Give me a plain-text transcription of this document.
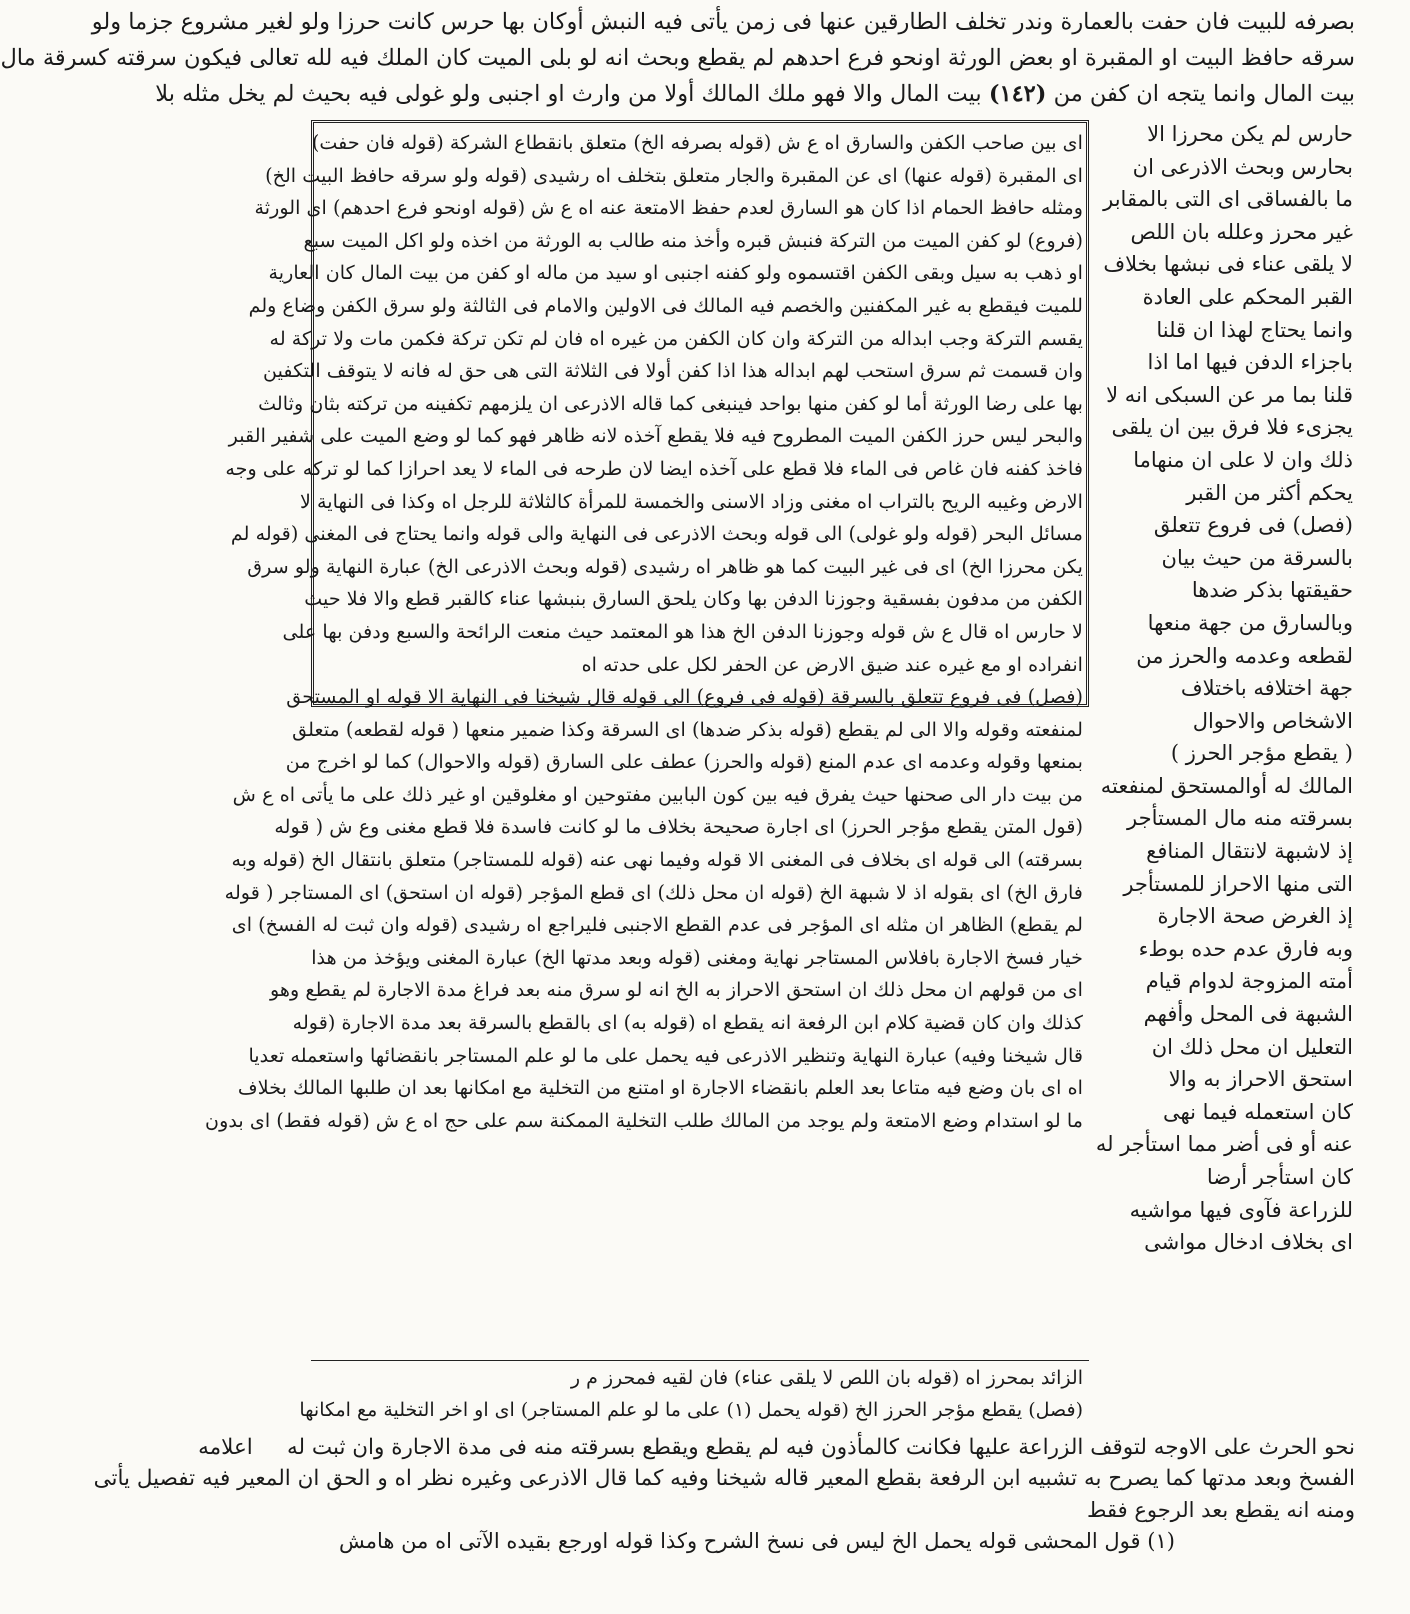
بصرفه للبيت فان حفت بالعمارة وندر تخلف الطارقين عنها فى زمن يأتى فيه النبش أوكان بها حرس كانت حرزا ولو لغير مشروع جزما ولو
سرقه حافظ البيت او المقبرة او بعض الورثة اونحو فرع احدهم لم يقطع وبحث انه لو بلى الميت كان الملك فيه لله تعالى فيكون سرقته كسرقة مال
بيت المال وانما يتجه ان كفن من (١٤٢) بيت المال والا فهو ملك المالك أولا من وارث او اجنبى ولو غولى فيه بحيث لم يخل مثله بلا
حارس لم يكن محرزا الا
بحارس وبحث الاذرعى ان
ما بالفساقى اى التى بالمقابر
غير محرز وعلله بان اللص
لا يلقى عناء فى نبشها بخلاف
القبر المحكم على العادة
وانما يحتاج لهذا ان قلنا
باجزاء الدفن فيها اما اذا
قلنا بما مر عن السبكى انه لا
يجزىء فلا فرق بين ان يلقى
ذلك وان لا على ان منهاما
يحكم أكثر من القبر
(فصل) فى فروع تتعلق
بالسرقة من حيث بيان
حقيقتها بذكر ضدها
وبالسارق من جهة منعها
لقطعه وعدمه والحرز من
جهة اختلافه باختلاف
الاشخاص والاحوال
( يقطع مؤجر الحرز )
المالك له أوالمستحق لمنفعته
بسرقته منه مال المستأجر
إذ لاشبهة لانتقال المنافع
التى منها الاحراز للمستأجر
إذ الغرض صحة الاجارة
وبه فارق عدم حده بوطء
أمته المزوجة لدوام قيام
الشبهة فى المحل وأفهم
التعليل ان محل ذلك ان
استحق الاحراز به والا
كان استعمله فيما نهى
عنه أو فى أضر مما استأجر له
كان استأجر أرضا
للزراعة فآوى فيها مواشيه
اى بخلاف ادخال مواشى
اى بين صاحب الكفن والسارق اه ع ش (قوله بصرفه الخ) متعلق بانقطاع الشركة (قوله فان حفت)
اى المقبرة (قوله عنها) اى عن المقبرة والجار متعلق بتخلف اه رشيدى (قوله ولو سرقه حافظ البيت الخ)
ومثله حافظ الحمام اذا كان هو السارق لعدم حفظ الامتعة عنه اه ع ش (قوله اونحو فرع احدهم) اى الورثة
(فروع) لو كفن الميت من التركة فنبش قبره وأخذ منه طالب به الورثة من اخذه ولو اكل الميت سبع
او ذهب به سيل وبقى الكفن اقتسموه ولو كفنه اجنبى او سيد من ماله او كفن من بيت المال كان العارية
للميت فيقطع به غير المكفنين والخصم فيه المالك فى الاولين والامام فى الثالثة ولو سرق الكفن وضاع ولم
يقسم التركة وجب ابداله من التركة وان كان الكفن من غيره اه فان لم تكن تركة فكمن مات ولا تركة له
وان قسمت ثم سرق استحب لهم ابداله هذا اذا كفن أولا فى الثلاثة التى هى حق له فانه لا يتوقف التكفين
بها على رضا الورثة أما لو كفن منها بواحد فينبغى كما قاله الاذرعى ان يلزمهم تكفينه من تركته بثان وثالث
والبحر ليس حرز الكفن الميت المطروح فيه فلا يقطع آخذه لانه ظاهر فهو كما لو وضع الميت على شفير القبر
فاخذ كفنه فان غاص فى الماء فلا قطع على آخذه ايضا لان طرحه فى الماء لا يعد احرازا كما لو تركه على وجه
الارض وغيبه الريح بالتراب اه مغنى وزاد الاسنى والخمسة للمرأة كالثلاثة للرجل اه وكذا فى النهاية لا
مسائل البحر (قوله ولو غولى) الى قوله وبحث الاذرعى فى النهاية والى قوله وانما يحتاج فى المغنى (قوله لم
يكن محرزا الخ) اى فى غير البيت كما هو ظاهر اه رشيدى (قوله وبحث الاذرعى الخ) عبارة النهاية ولو سرق
الكفن من مدفون بفسقية وجوزنا الدفن بها وكان يلحق السارق بنبشها عناء كالقبر قطع والا فلا حيث
لا حارس اه قال ع ش قوله وجوزنا الدفن الخ هذا هو المعتمد حيث منعت الرائحة والسبع ودفن بها على
انفراده او مع غيره عند ضيق الارض عن الحفر لكل على حدته اه
(فصل) فى فروع تتعلق بالسرقة (قوله فى فروع) الى قوله قال شيخنا فى النهاية الا قوله او المستحق
لمنفعته وقوله والا الى لم يقطع (قوله بذكر ضدها) اى السرقة وكذا ضمير منعها ( قوله لقطعه) متعلق
بمنعها وقوله وعدمه اى عدم المنع (قوله والحرز) عطف على السارق (قوله والاحوال) كما لو اخرج من
من بيت دار الى صحنها حيث يفرق فيه بين كون البابين مفتوحين او مغلوقين او غير ذلك على ما يأتى اه ع ش
(قول المتن يقطع مؤجر الحرز) اى اجارة صحيحة بخلاف ما لو كانت فاسدة فلا قطع مغنى وع ش ( قوله
بسرقته) الى قوله اى بخلاف فى المغنى الا قوله وفيما نهى عنه (قوله للمستاجر) متعلق بانتقال الخ (قوله وبه
فارق الخ) اى بقوله اذ لا شبهة الخ (قوله ان محل ذلك) اى قطع المؤجر (قوله ان استحق) اى المستاجر ( قوله
لم يقطع) الظاهر ان مثله اى المؤجر فى عدم القطع الاجنبى فليراجع اه رشيدى (قوله وان ثبت له الفسخ) اى
خيار فسخ الاجارة بافلاس المستاجر نهاية ومغنى (قوله وبعد مدتها الخ) عبارة المغنى ويؤخذ من هذا
اى من قولهم ان محل ذلك ان استحق الاحراز به الخ انه لو سرق منه بعد فراغ مدة الاجارة لم يقطع وهو
كذلك وان كان قضية كلام ابن الرفعة انه يقطع اه (قوله به) اى بالقطع بالسرقة بعد مدة الاجارة (قوله
قال شيخنا وفيه) عبارة النهاية وتنظير الاذرعى فيه يحمل على ما لو علم المستاجر بانقضائها واستعمله تعديا
اه اى بان وضع فيه متاعا بعد العلم بانقضاء الاجارة او امتنع من التخلية مع امكانها بعد ان طلبها المالك بخلاف
ما لو استدام وضع الامتعة ولم يوجد من المالك طلب التخلية الممكنة سم على حج اه ع ش (قوله فقط) اى بدون
الزائد بمحرز اه (قوله بان اللص لا يلقى عناء) فان لقيه فمحرز م ر
(فصل) يقطع مؤجر الحرز الخ (قوله يحمل (١) على ما لو علم المستاجر) اى او اخر التخلية مع امكانها
نحو الحرث على الاوجه لتوقف الزراعة عليها فكانت كالمأذون فيه لم يقطع ويقطع بسرقته منه فى مدة الاجارة وان ثبت له     اعلامه
الفسخ وبعد مدتها كما يصرح به تشبيه ابن الرفعة بقطع المعير قاله شيخنا وفيه كما قال الاذرعى وغيره نظر اه و الحق ان المعير فيه تفصيل يأتى
ومنه انه يقطع بعد الرجوع فقط
(١) قول المحشى قوله يحمل الخ ليس فى نسخ الشرح وكذا قوله اورجع بقيده الآتى اه من هامش
